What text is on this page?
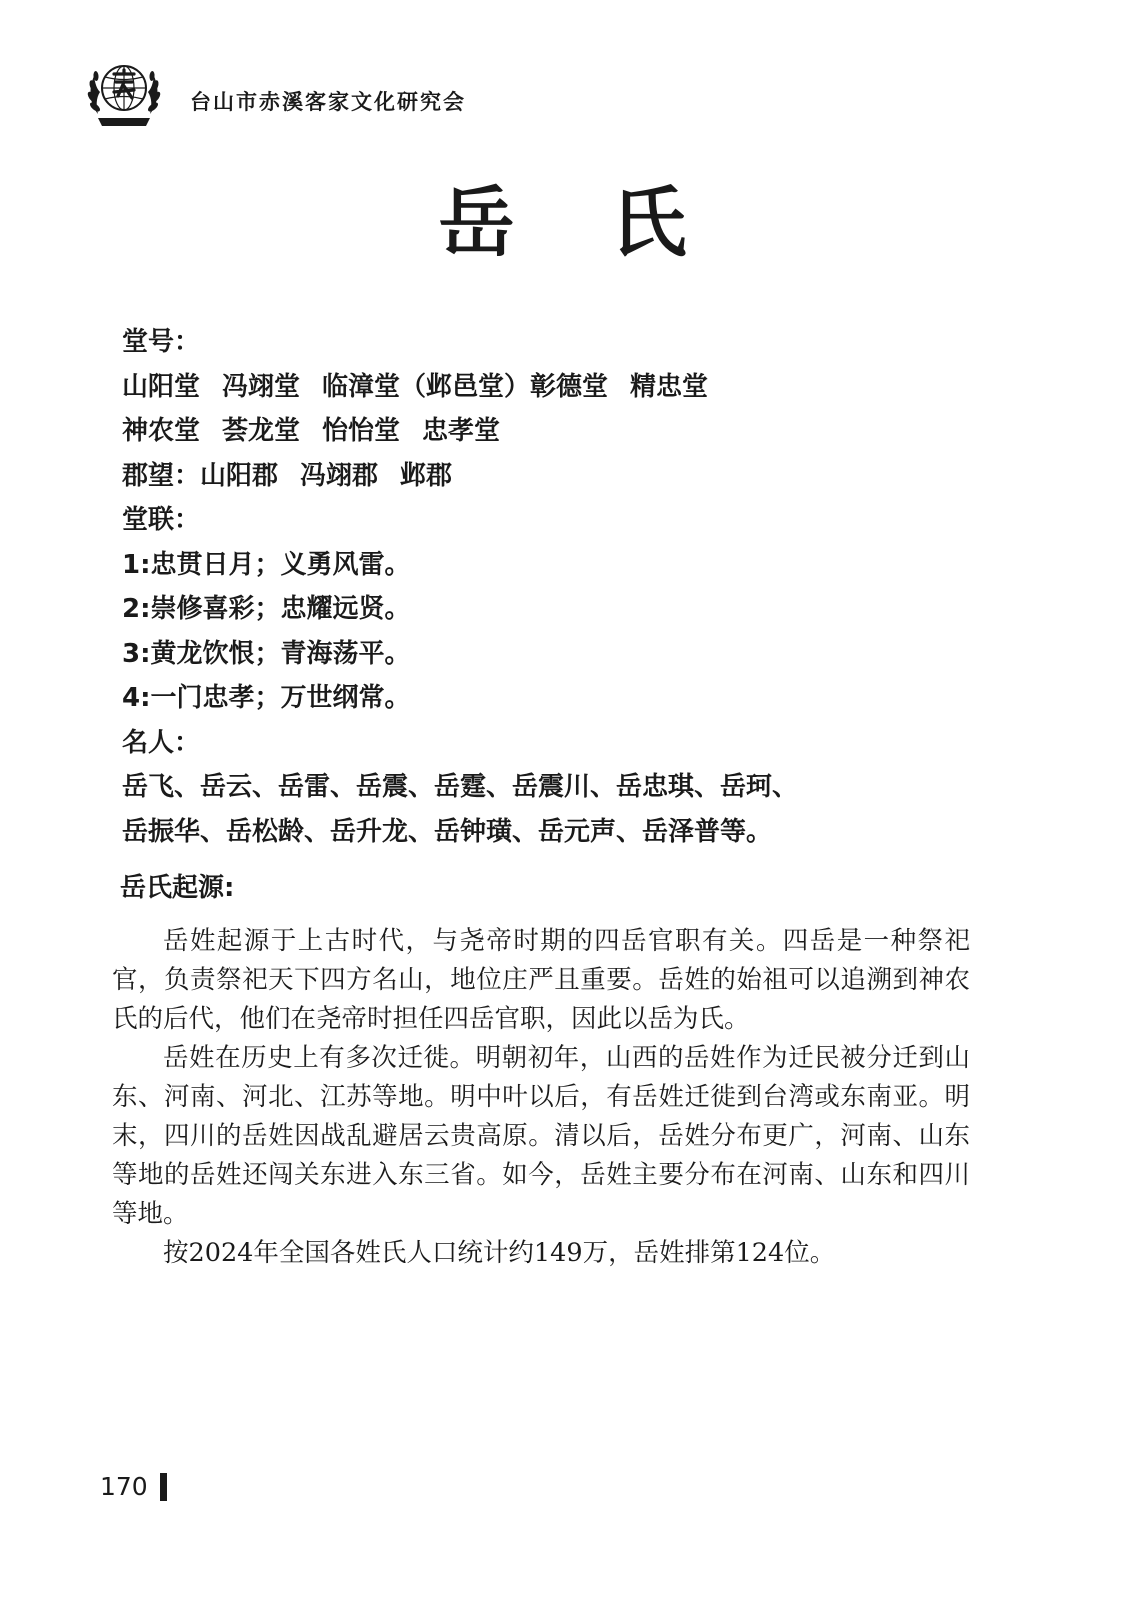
台山市赤溪客家文化研究会
岳 氏
堂号：
山阳堂 冯翊堂 临漳堂（邺邑堂）彰德堂 精忠堂
神农堂 荟龙堂 怡怡堂 忠孝堂
郡望：山阳郡 冯翊郡 邺郡
堂联：
1:忠贯日月；义勇风雷。
2:崇修喜彩；忠耀远贤。
3:黄龙饮恨；青海荡平。
4:一门忠孝；万世纲常。
名人：
岳飞、岳云、岳雷、岳震、岳霆、岳震川、岳忠琪、岳珂、
岳振华、岳松龄、岳升龙、岳钟璜、岳元声、岳泽普等。
岳氏起源:

岳姓起源于上古时代，与尧帝时期的四岳官职有关。四岳是一种祭祀官，负责祭祀天下四方名山，地位庄严且重要。岳姓的始祖可以追溯到神农氏的后代，他们在尧帝时担任四岳官职，因此以岳为氏。

岳姓在历史上有多次迁徙。明朝初年，山西的岳姓作为迁民被分迁到山东、河南、河北、江苏等地。明中叶以后，有岳姓迁徙到台湾或东南亚。明末，四川的岳姓因战乱避居云贵高原。清以后，岳姓分布更广，河南、山东等地的岳姓还闯关东进入东三省。如今，岳姓主要分布在河南、山东和四川等地。

按2024年全国各姓氏人口统计约149万，岳姓排第124位。

170
